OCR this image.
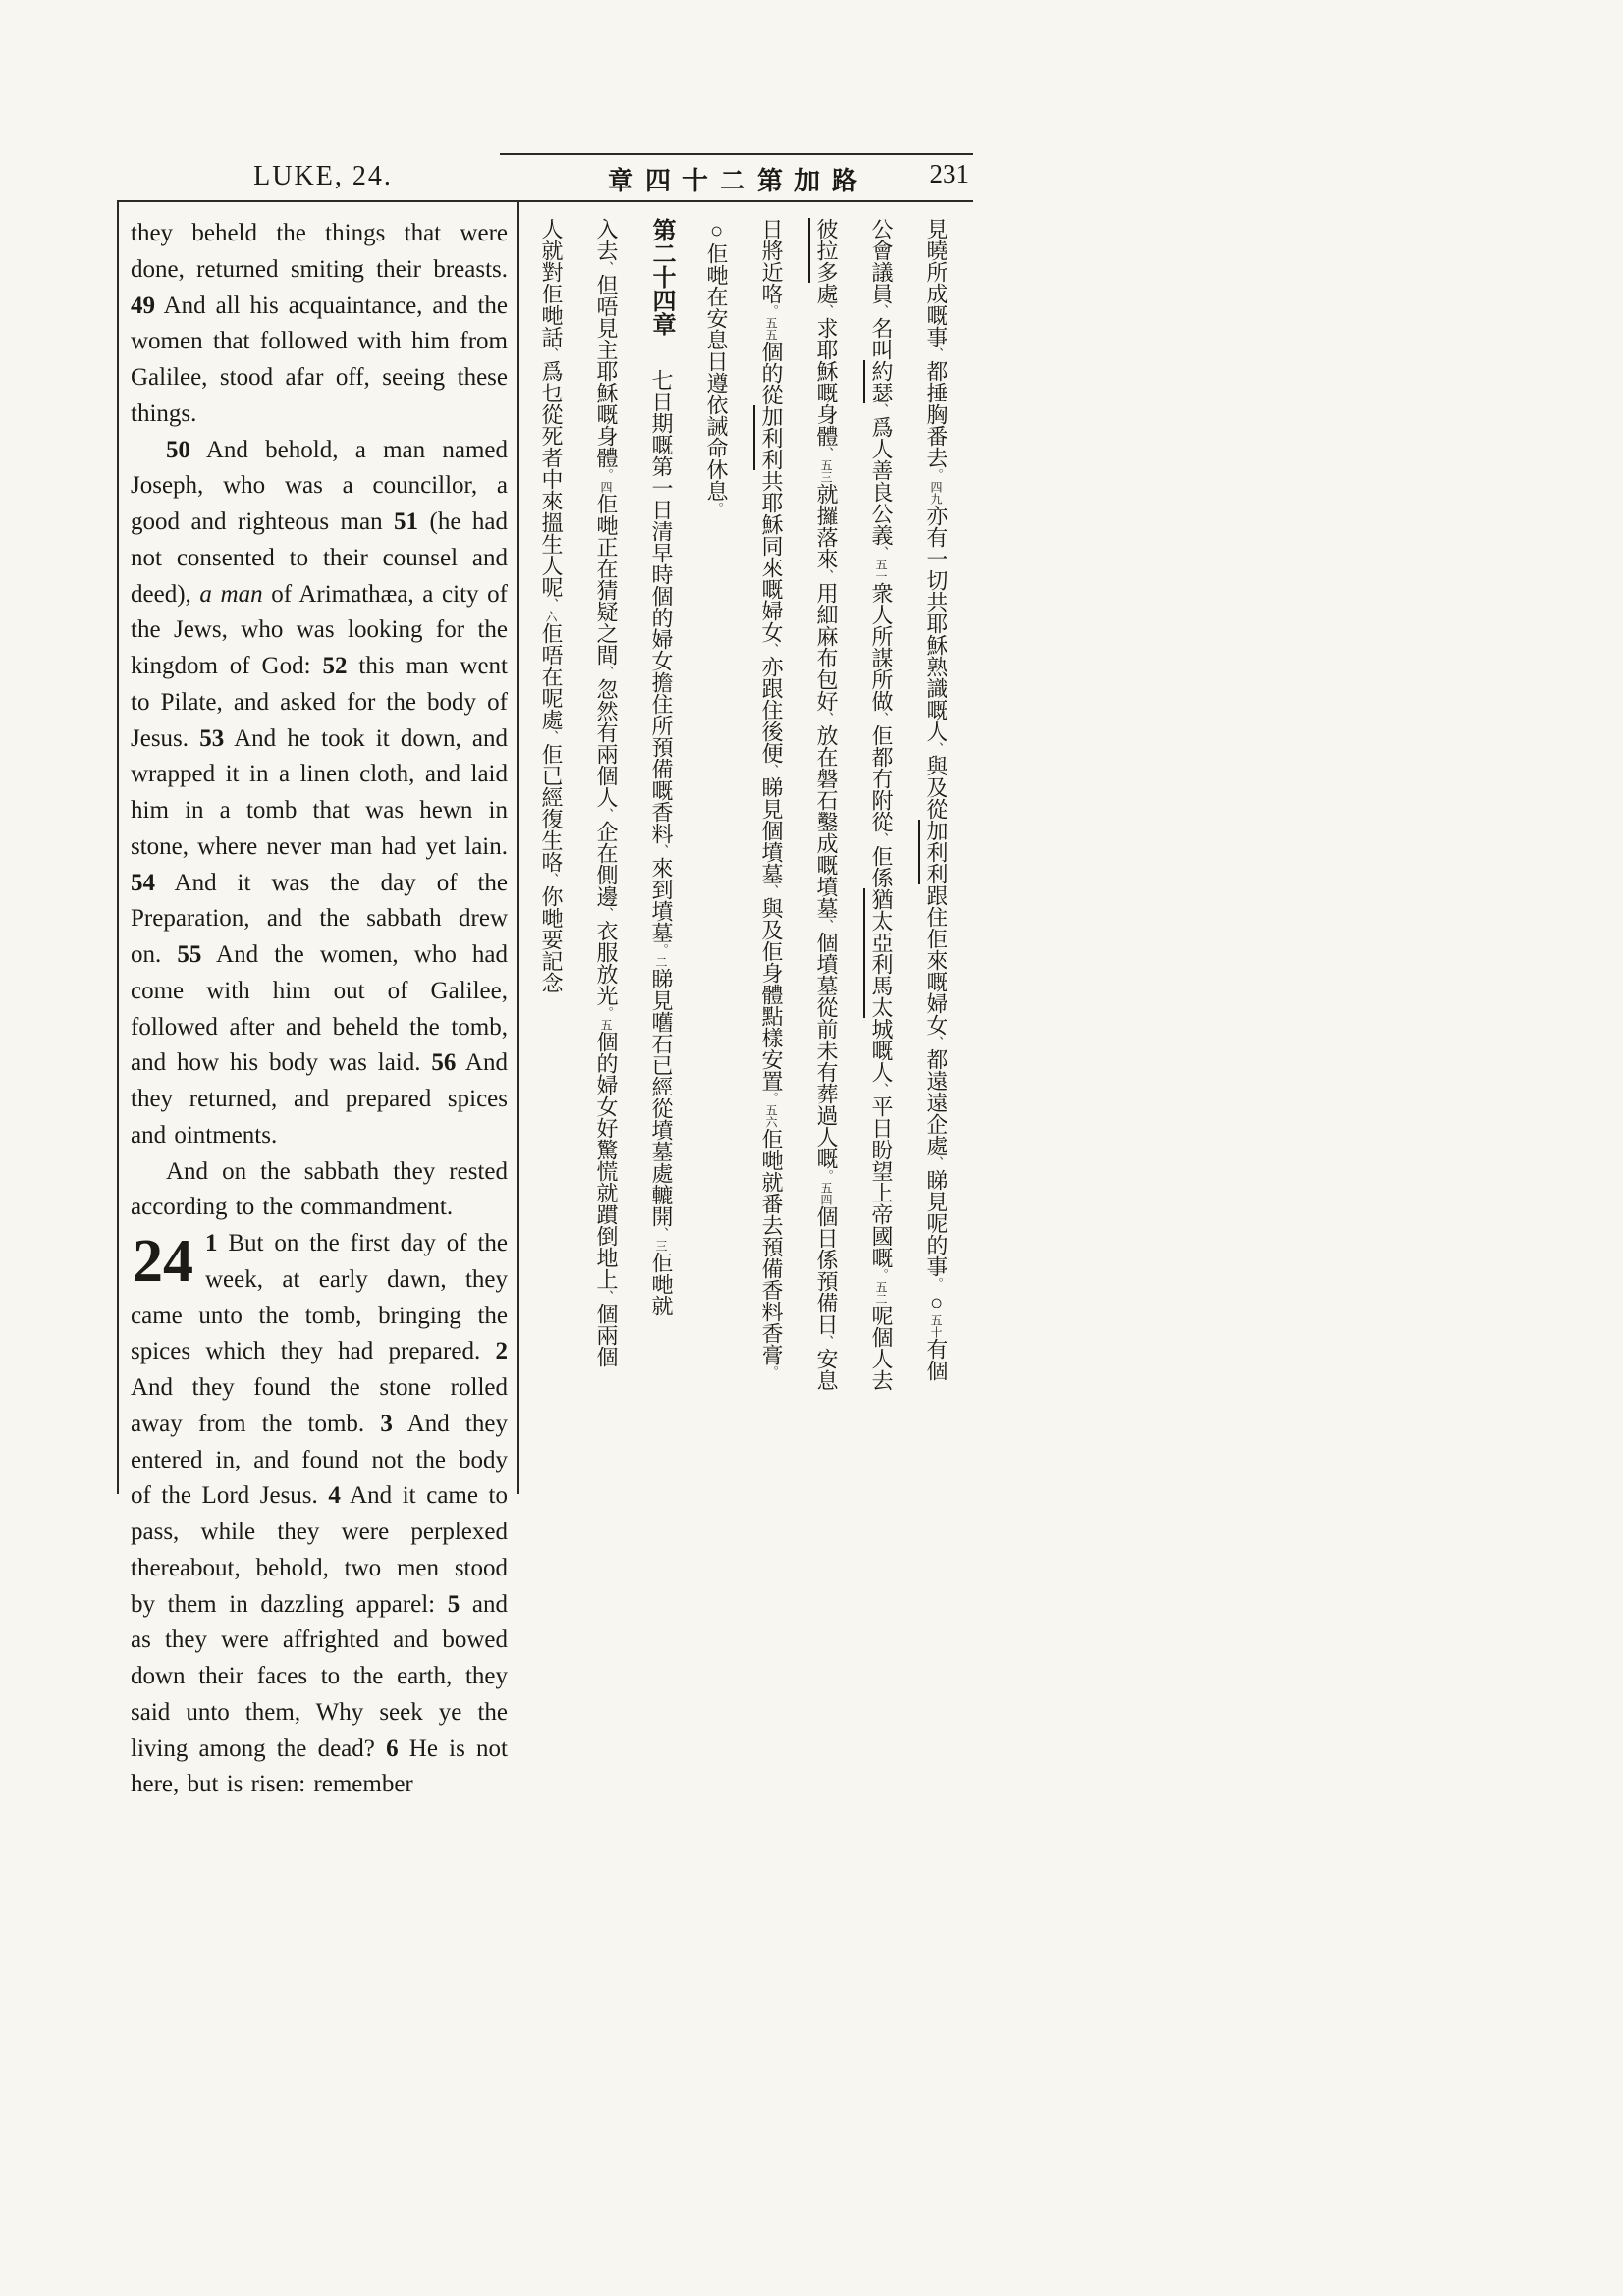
LUKE, 24.	章四十二第加路 231

they beheld the things that were done, returned smiting their breasts. 49 And all his acquaintance, and the women that followed with him from Galilee, stood afar off, seeing these things.

50 And behold, a man named Joseph, who was a councillor, a good and righteous man 51 (he had not consented to their counsel and deed), a man of Arimathæa, a city of the Jews, who was looking for the kingdom of God: 52 this man went to Pilate, and asked for the body of Jesus. 53 And he took it down, and wrapped it in a linen cloth, and laid him in a tomb that was hewn in stone, where never man had yet lain. 54 And it was the day of the Preparation, and the sabbath drew on. 55 And the women, who had come with him out of Galilee, followed after and beheld the tomb, and how his body was laid. 56 And they returned, and prepared spices and ointments.

And on the sabbath they rested according to the commandment.

24 1 But on the first day of the week, at early dawn, they came unto the tomb, bringing the spices which they had prepared. 2 And they found the stone rolled away from the tomb. 3 And they entered in, and found not the body of the Lord Jesus. 4 And it came to pass, while they were perplexed thereabout, behold, two men stood by them in dazzling apparel: 5 and as they were affrighted and bowed down their faces to the earth, they said unto them, Why seek ye the living among the dead? 6 He is not here, but is risen: remember

見曉所成嘅事、都捶胸番去。四九亦有一切共耶穌熟識嘅人、與及從加利利跟住佢來嘅婦女、都遠遠企處、睇見呢的事。○五十有個
公會議員、名叫約瑟、爲人善良公義、五一衆人所謀所做、佢都冇附從、佢係猶太亞利馬太城嘅人、平日盼望上帝國嘅。五二呢個人去
彼拉多處、求耶穌嘅身體、五三就攞落來、用細麻布包好、放在磐石鑿成嘅墳墓、個墳墓從前未有葬過人嘅。五四個日係預備日、安息
日將近咯。五五個的從加利利共耶穌同來嘅婦女、亦跟住後便、睇見個墳墓、與及佢身體點樣安置。五六佢哋就番去預備香料香膏。
○佢哋在安息日遵依誡命休息。
第二十四章七日期嘅第一日清早時個的婦女擔住所預備嘅香料、來到墳墓。二睇見嚿石已經從墳墓處轆開、三佢哋就
入去、但唔見主耶穌嘅身體。四佢哋正在猜疑之間、忽然有兩個人、企在側邊、衣服放光。五個的婦女好驚慌就躀倒地上、個兩個
人就對佢哋話、爲乜從死者中來搵生人呢、六佢唔在呢處、佢已經復生咯、你哋要記念
